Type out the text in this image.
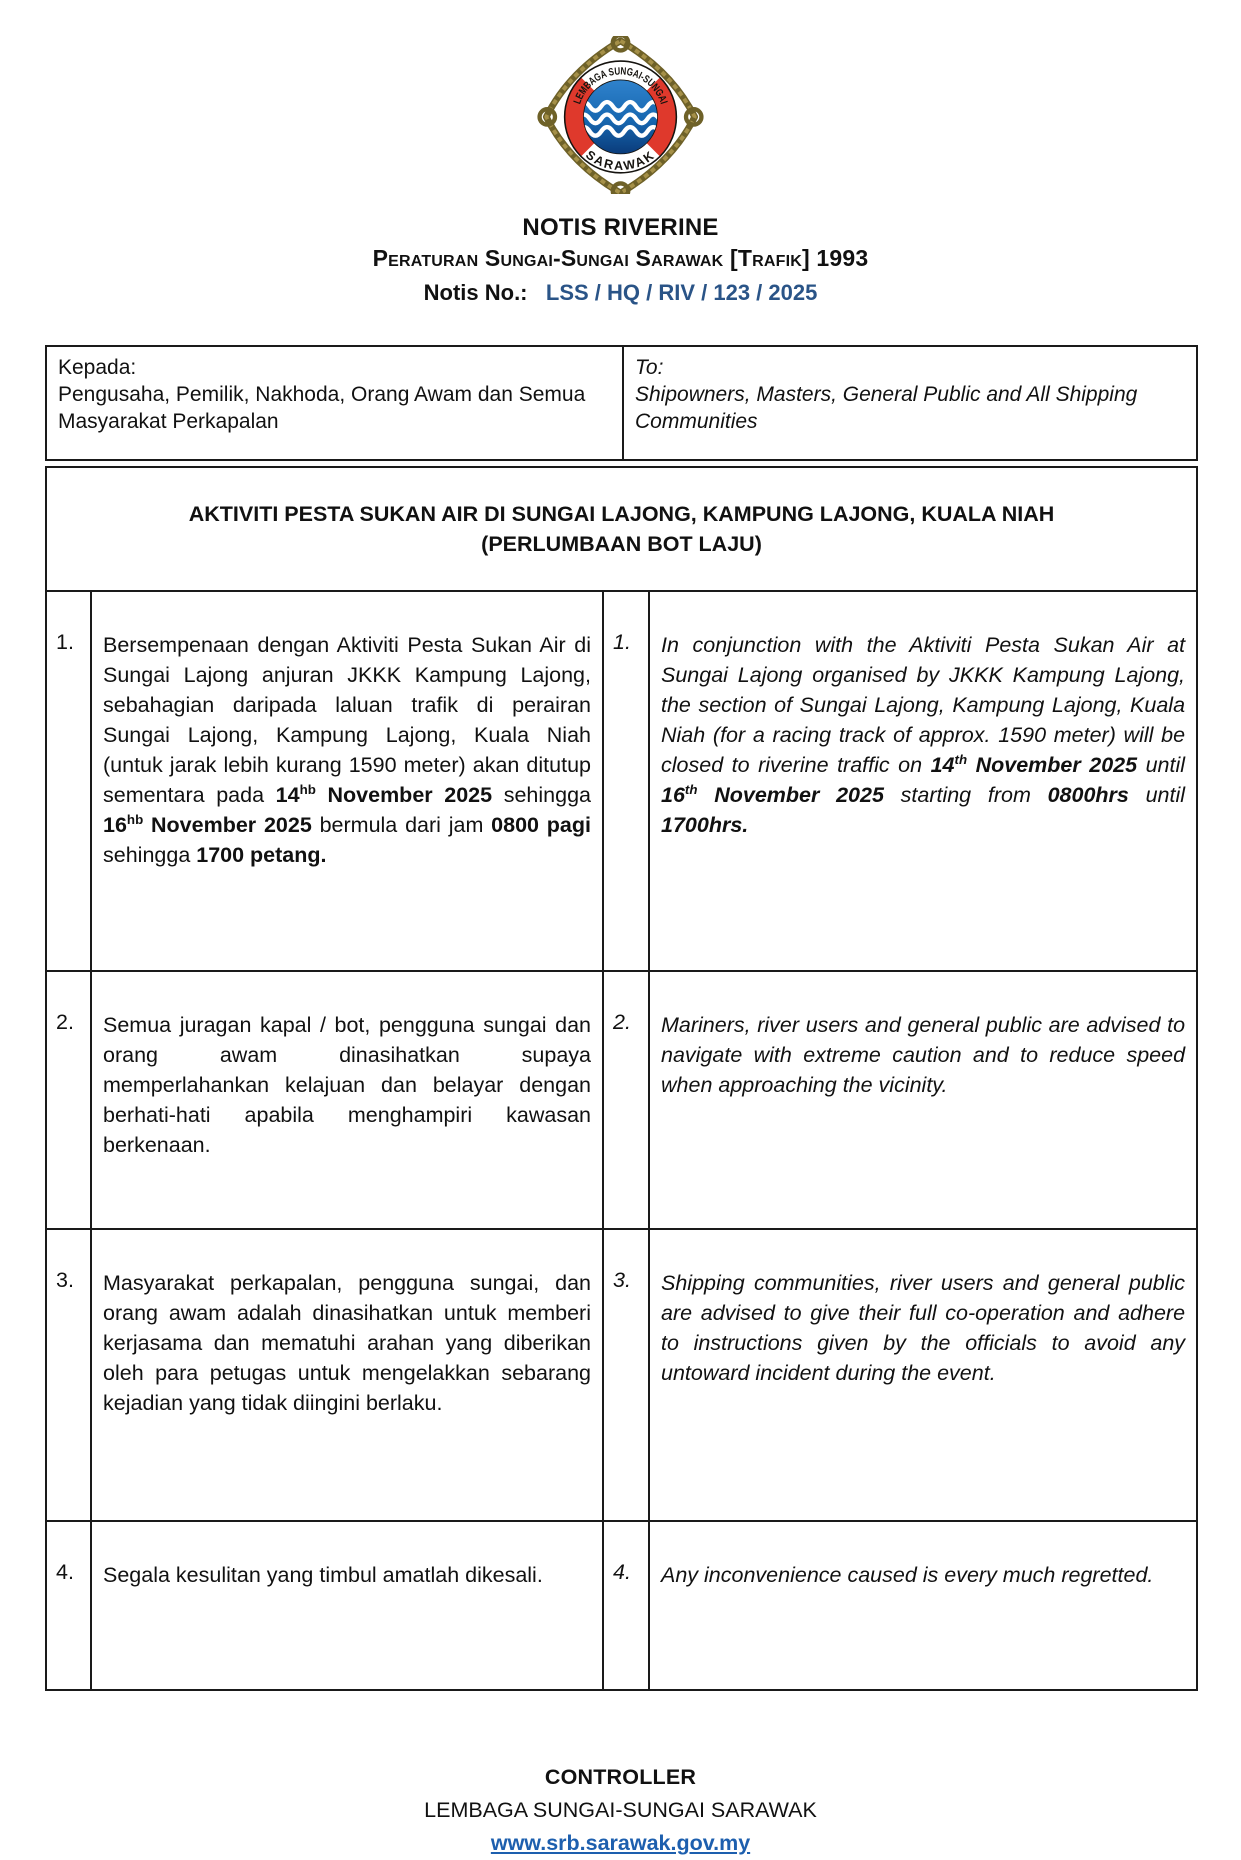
LEMBAGA SUNGAI-SUNGAI
SARAWAK
NOTIS RIVERINE
Peraturan Sungai-Sungai Sarawak [Trafik] 1993
Notis No.: LSS / HQ / RIV / 123 / 2025
Kepada:
Pengusaha, Pemilik, Nakhoda, Orang Awam dan Semua Masyarakat Perkapalan

To:
Shipowners, Masters, General Public and All Shipping Communities
AKTIVITI PESTA SUKAN AIR DI SUNGAI LAJONG, KAMPUNG LAJONG, KUALA NIAH
(PERLUMBAAN BOT LAJU)			

1.	Bersempenaan dengan Aktiviti Pesta Sukan Air di Sungai Lajong anjuran JKKK Kampung Lajong, sebahagian daripada laluan trafik di perairan Sungai Lajong, Kampung Lajong, Kuala Niah (untuk jarak lebih kurang 1590 meter) akan ditutup sementara pada $14^{hb}$ November 2025 sehingga $16^{hb}$ November 2025 bermula dari jam 0800 pagi sehingga 1700 petang.	1.	In conjunction with the Aktiviti Pesta Sukan Air at Sungai Lajong organised by JKKK Kampung Lajong, the section of Sungai Lajong, Kampung Lajong, Kuala Niah (for a racing track of approx. 1590 meter) will be closed to riverine traffic on 14th November 2025 until 16th November 2025 starting from 0800hrs until 1700hrs.
2.	Semua juragan kapal / bot, pengguna sungai dan orang awam dinasihatkan supaya memperlahankan kelajuan dan belayar dengan berhati-hati apabila menghampiri kawasan berkenaan.	2.	Mariners, river users and general public are advised to navigate with extreme caution and to reduce speed when approaching the vicinity.
3.	Masyarakat perkapalan, pengguna sungai, dan orang awam adalah dinasihatkan untuk memberi kerjasama dan mematuhi arahan yang diberikan oleh para petugas untuk mengelakkan sebarang kejadian yang tidak diingini berlaku.	3.	Shipping communities, river users and general public are advised to give their full co-operation and adhere to instructions given by the officials to avoid any untoward incident during the event.
4.	Segala kesulitan yang timbul amatlah dikesali.	4.	Any inconvenience caused is every much regretted.
CONTROLLER
LEMBAGA SUNGAI-SUNGAI SARAWAK
www.srb.sarawak.gov.my
